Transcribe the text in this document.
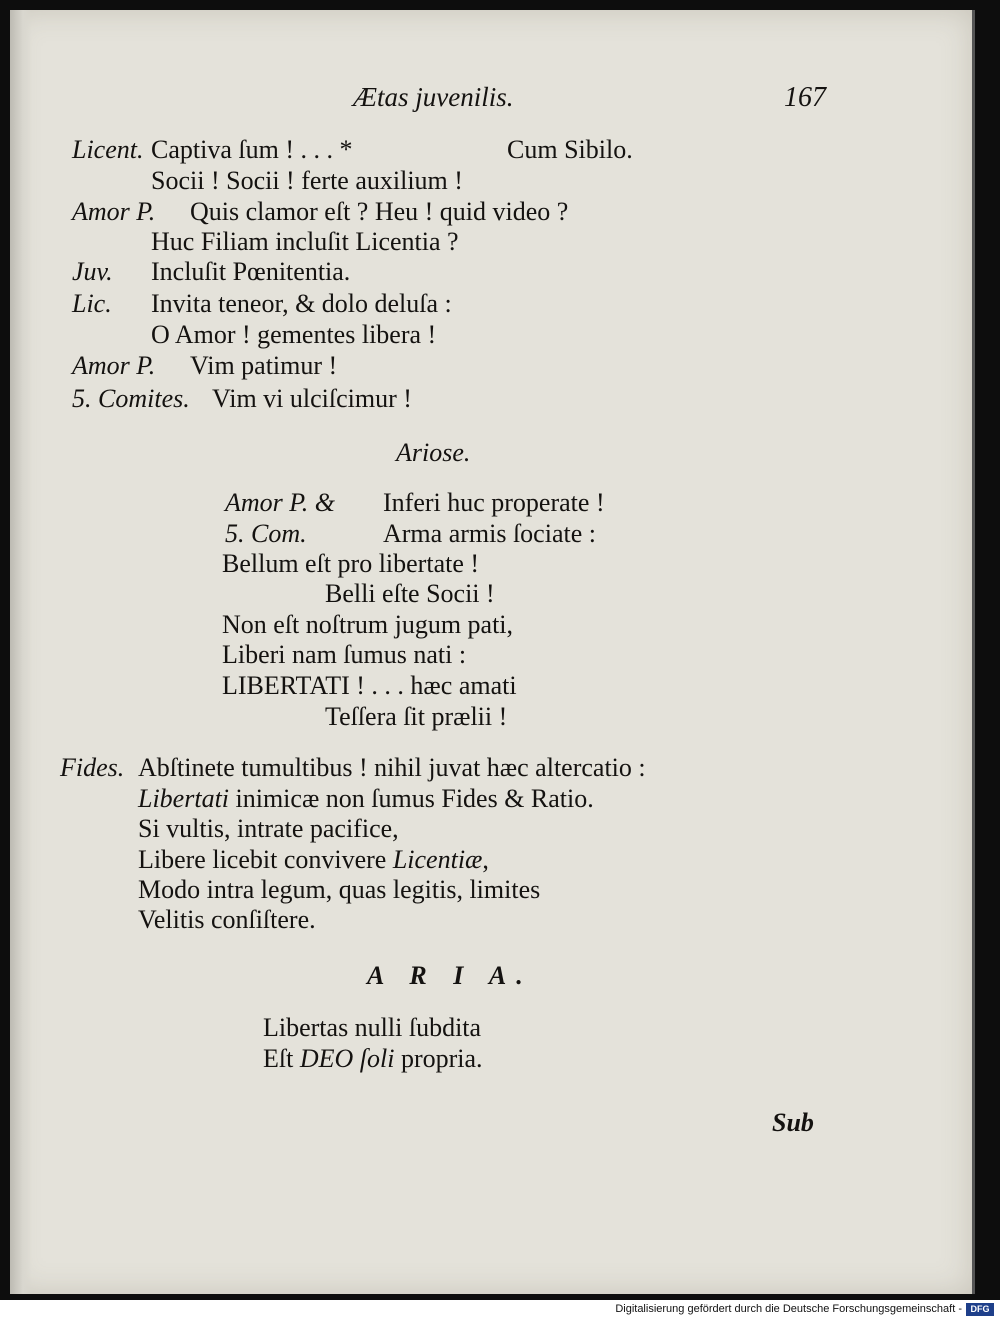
Ætas juvenilis.	167
Licent. Captiva ſum ! . . . *	Cum Sibilo.
Socii ! Socii ! ferte auxilium !
Amor P. Quis clamor eſt ? Heu ! quid video ?
Huc Filiam incluſit Licentia ?
Juv. Incluſit Pœnitentia.
Lic. Invita teneor, & dolo deluſa :
O Amor ! gementes libera !
Amor P. Vim patimur !
5. Comites. Vim vi ulciſcimur !
Ariose.
Amor P. & Inferi huc properate !
5. Com.	Arma armis ſociate :
Bellum eſt pro libertate !
Belli eſte Socii !
Non eſt noſtrum jugum pati,
Liberi nam ſumus nati :
LIBERTATI ! . . . hæc amati
Teſſera ſit prælii !
Fides. Abſtinete tumultibus ! nihil juvat hæc altercatio :
Libertati inimicæ non ſumus Fides & Ratio.
Si vultis, intrate pacifice,
Libere licebit convivere Licentiæ,
Modo intra legum, quas legitis, limites
Velitis conſiſtere.
A R I A.
Libertas nulli ſubdita
Eſt DEO ſoli propria.
Sub
Digitalisierung gefördert durch die Deutsche Forschungsgemeinschaft - DFG
